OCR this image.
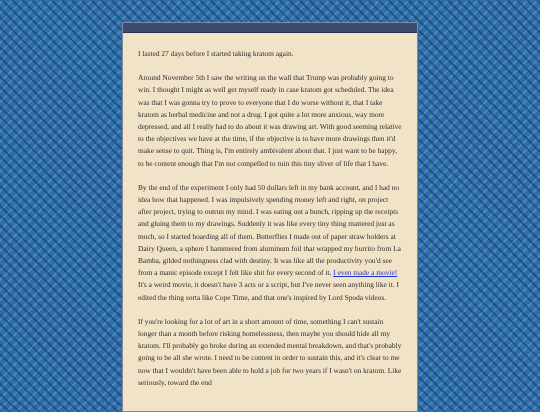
I lasted 27 days before I started taking kratom again.

Around November 5th I saw the writing on the wall that Trump was probably going to win. I thought I might as well get myself ready in case kratom got scheduled. The idea was that I was gonna try to prove to everyone that I do worse without it, that I take kratom as herbal medicine and not a drug. I got quite a lot more anxious, way more depressed, and all I really had to do about it was drawing art. With good seeming relative to the objectives we have at the time, if the objective is to have more drawings then it'd make sense to quit. Thing is, I'm entirely ambivalent about that. I just want to be happy, to be content enough that I'm not compelled to ruin this tiny sliver of life that I have.

By the end of the experiment I only had 50 dollars left in my bank account, and I had no idea how that happened. I was impulsively spending money left and right, on project after project, trying to outrun my mind. I was eating out a bunch, ripping up the receipts and gluing them to my drawings. Suddenly it was like every tiny thing mattered just as much, so I started hoarding all of them. Butterflies I made out of paper straw holders at Dairy Queen, a sphere I hammered from aluminum foil that wrapped my burrito from La Bamba, gilded nothingness clad with destiny. It was like all the productivity you'd see from a manic episode except I felt like shit for every second of it. I even made a movie! It's a weird movie, it doesn't have 3 acts or a script, but I've never seen anything like it. I edited the thing sorta like Cope Time, and that one's inspired by Lord Spoda videos.

If you're looking for a lot of art in a short amount of time, something I can't sustain longer than a month before risking homelessness, then maybe you should hide all my kratom. I'll probably go broke during an extended mental breakdown, and that's probably going to be all she wrote. I need to be content in order to sustain this, and it's clear to me now that I wouldn't have been able to hold a job for two years if I wasn't on kratom. Like seriously, toward the end
